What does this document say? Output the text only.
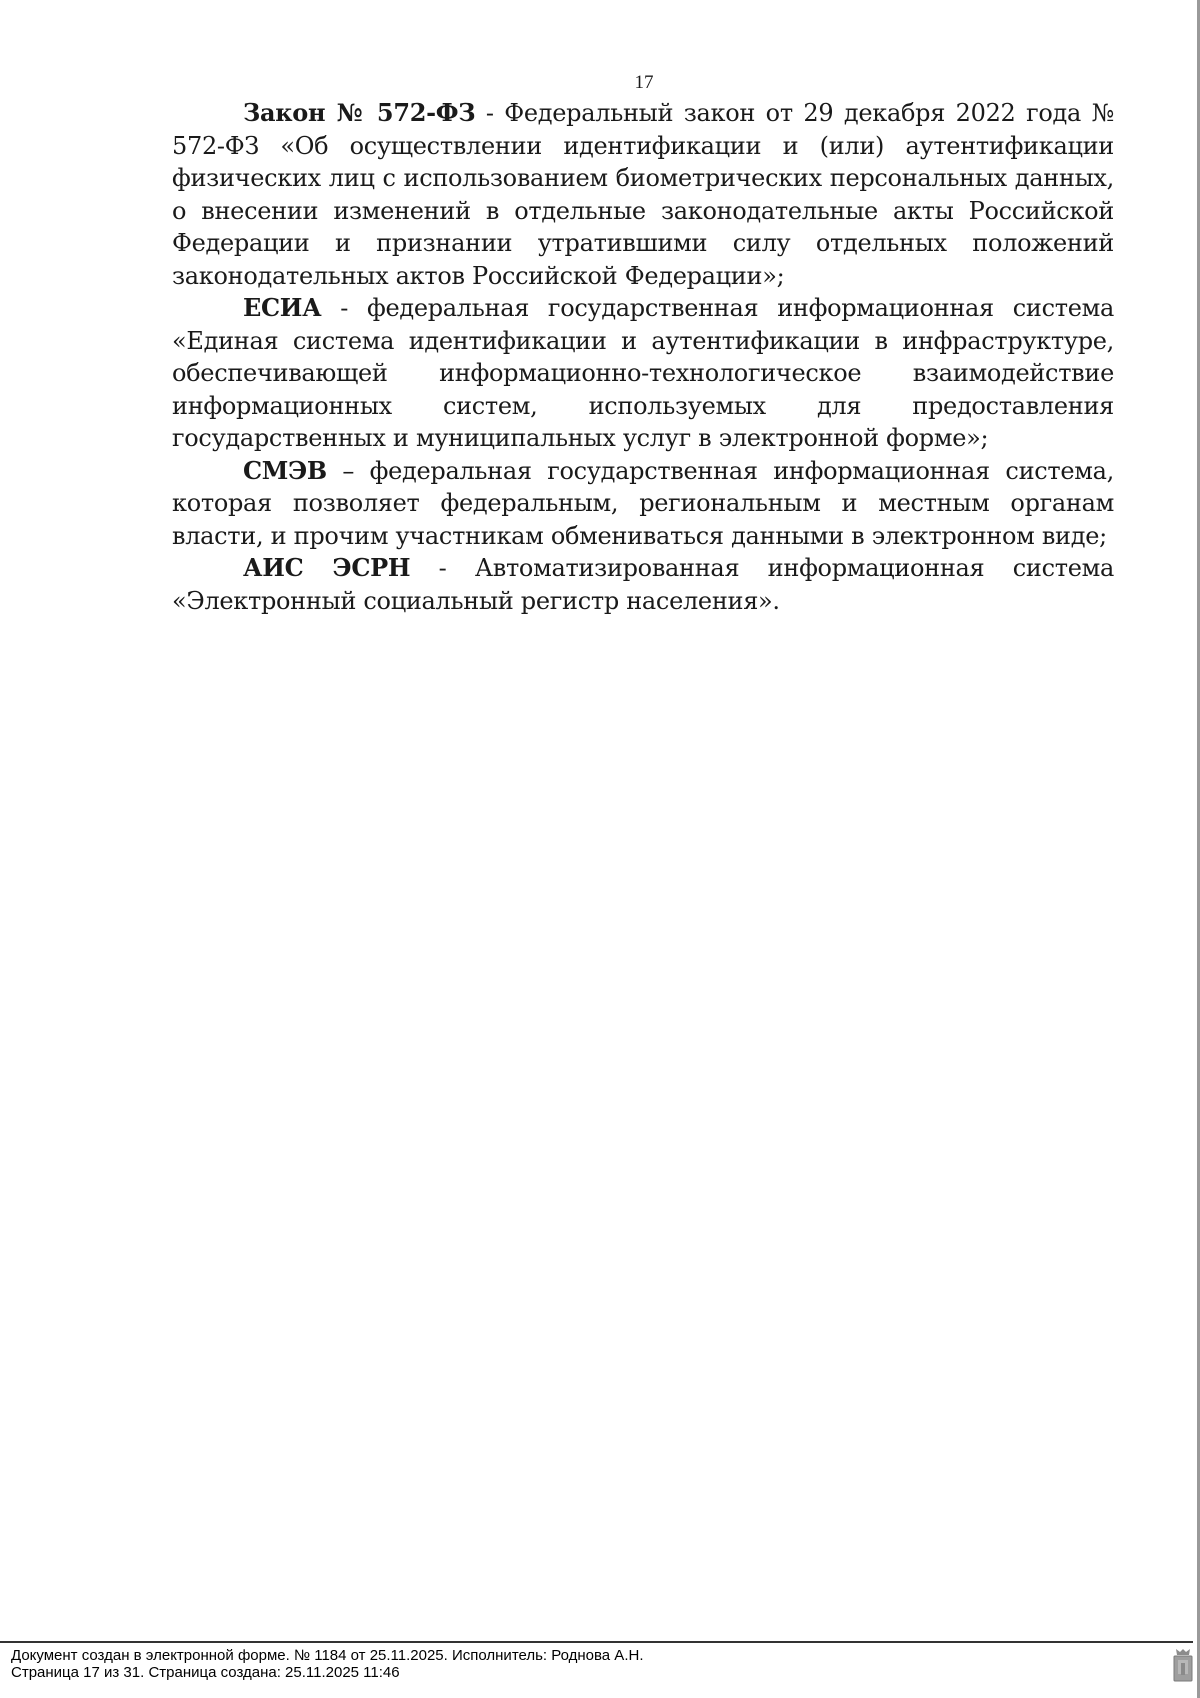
17

Закон № 572-ФЗ - Федеральный закон от 29 декабря 2022 года № 572-ФЗ «Об осуществлении идентификации и (или) аутентификации физических лиц с использованием биометрических персональных данных, о внесении изменений в отдельные законодательные акты Российской Федерации и признании утратившими силу отдельных положений законодательных актов Российской Федерации»;

ЕСИА - федеральная государственная информационная система «Единая система идентификации и аутентификации в инфраструктуре, обеспечивающей информационно-технологическое взаимодействие информационных систем, используемых для предоставления государственных и муниципальных услуг в электронной форме»;

СМЭВ – федеральная государственная информационная система, которая позволяет федеральным, региональным и местным органам власти, и прочим участникам обмениваться данными в электронном виде;

АИС ЭСРН - Автоматизированная информационная система «Электронный социальный регистр населения».

Документ создан в электронной форме. № 1184 от 25.11.2025. Исполнитель: Роднова А.Н.
Страница 17 из 31. Страница создана: 25.11.2025 11:46
